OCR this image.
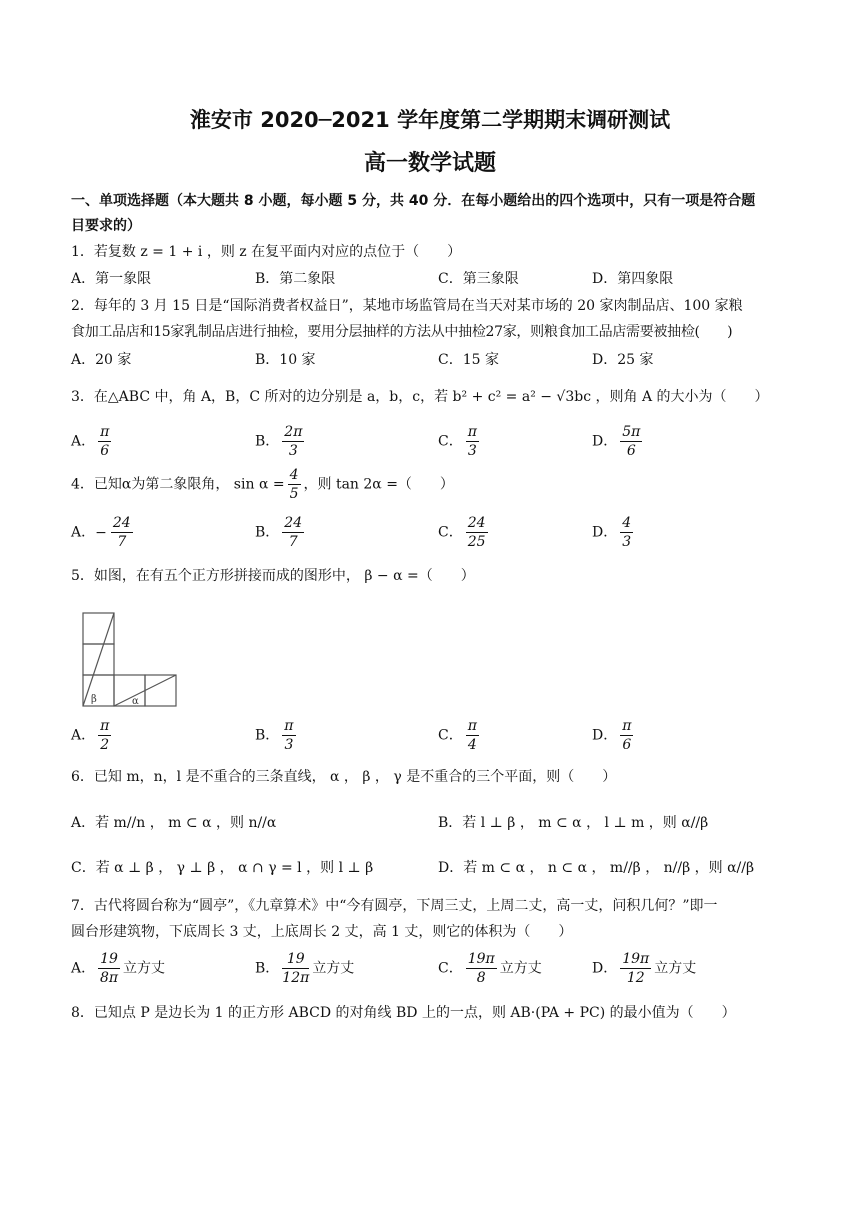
淮安市 2020─2021 学年度第二学期期末调研测试
高一数学试题
一、单项选择题（本大题共 8 小题，每小题 5 分，共 40 分．在每小题给出的四个选项中，只有一项是符合题
目要求的）
1．若复数 z = 1 + i ，则 z 在复平面内对应的点位于（　　）
A．第一象限	B．第二象限	C．第三象限	D．第四象限
2．每年的 3 月 15 日是“国际消费者权益日”，某地市场监管局在当天对某市场的 20 家肉制品店、100 家粮
食加工品店和15家乳制品店进行抽检，要用分层抽样的方法从中抽检27家，则粮食加工品店需要被抽检(　　)
A．20 家	B．10 家	C．15 家	D．25 家
3．在△ABC 中，角 A，B，C 所对的边分别是 a，b，c，若 b² + c² = a² − √3bc ，则角 A 的大小为（　　）
A． $\frac{\pi}{6}$	B． $\frac{2\pi}{3}$	C． $\frac{\pi}{3}$	D． $\frac{5\pi}{6}$
4．已知α为第二象限角， $\sin \alpha = \frac{4}{5}$ ，则 tan 2α =（　　）
A．− $\frac{24}{7}$	B． $\frac{24}{7}$	C． $\frac{24}{25}$	D． $\frac{4}{3}$
5．如图，在有五个正方形拼接而成的图形中， β − α =（　　）
β	α
A． $\frac{\pi}{2}$	B． $\frac{\pi}{3}$	C． $\frac{\pi}{4}$	D． $\frac{\pi}{6}$
6．已知 m，n，l 是不重合的三条直线， α ， β ， γ 是不重合的三个平面，则（　　）
A．若 m//n ， m ⊂ α ，则 n//α	B．若 l ⊥ β ， m ⊂ α ， l ⊥ m ，则 α//β
C．若 α ⊥ β ， γ ⊥ β ， α ∩ γ = l ，则 l ⊥ β	D．若 m ⊂ α ， n ⊂ α ， m//β ， n//β ，则 α//β
7．古代将圆台称为“圆亭”，《九章算术》中“今有圆亭，下周三丈，上周二丈，高一丈，问积几何？”即一
圆台形建筑物，下底周长 3 丈，上底周长 2 丈，高 1 丈，则它的体积为（　　）
A． $\frac{19}{8\pi}$ 立方丈	B． $\frac{19}{12\pi}$ 立方丈	C． $\frac{19\pi}{8}$ 立方丈	D． $\frac{19\pi}{12}$ 立方丈
8．已知点 P 是边长为 1 的正方形 ABCD 的对角线 BD 上的一点，则 AB·(PA + PC) 的最小值为（　　）
